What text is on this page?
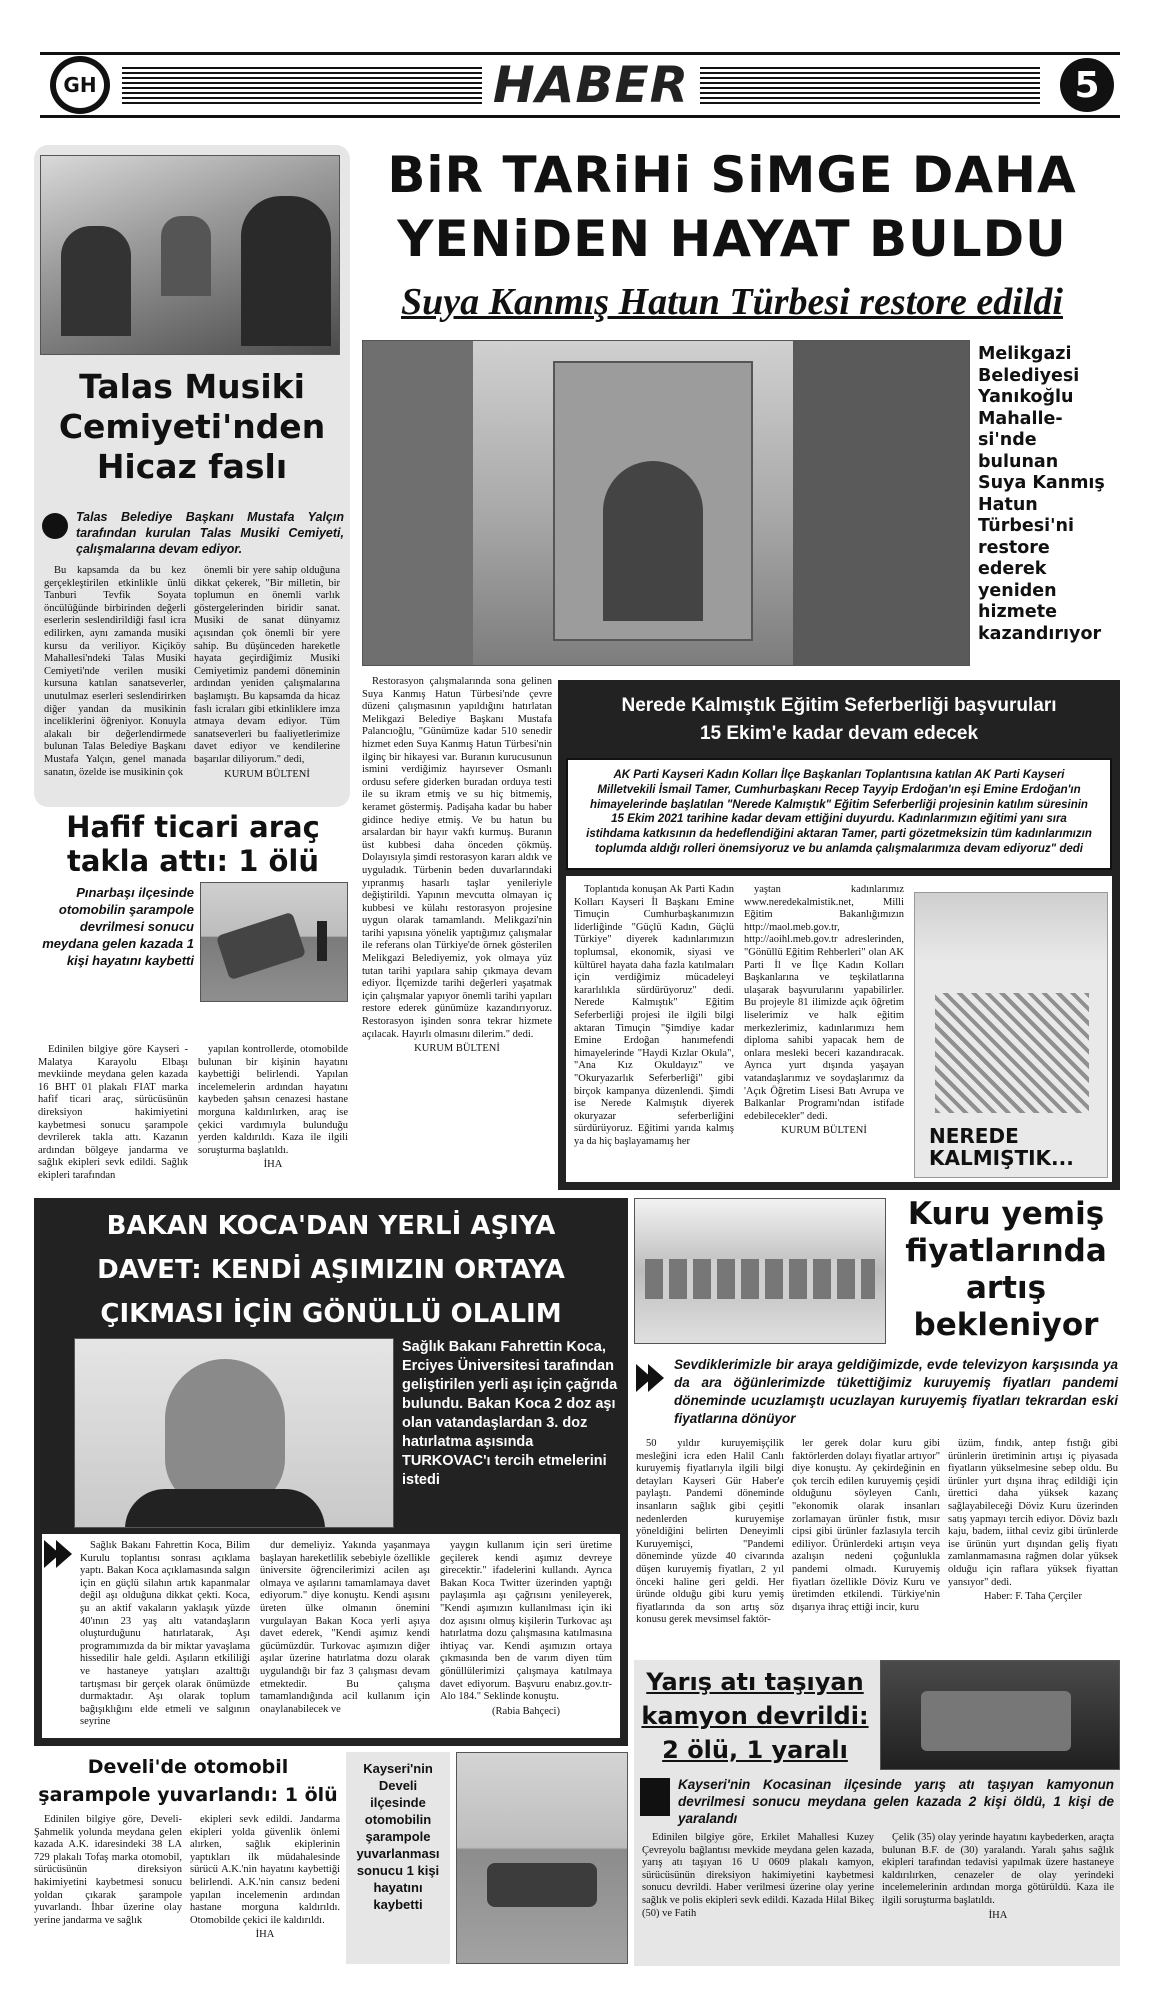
GH	HABER	5
Talas Musiki Cemiyeti'nden Hicaz faslı
Talas Belediye Başkanı Mustafa Yalçın tarafından kurulan Talas Musiki Cemiyeti, çalışmalarına devam ediyor.

Bu kapsamda da bu kez gerçekleştirilen etkinlikle ünlü Tanburi Tevfik Soyata öncülüğünde birbirinden değerli eserlerin seslendirildiği fasıl icra edilirken, aynı zamanda musiki kursu da veriliyor. Kiçiköy Mahallesi'ndeki Talas Musiki Cemiyeti'nde verilen musiki kursuna katılan sanatseverler, unutulmaz eserleri seslendirirken diğer yandan da musikinin inceliklerini öğreniyor. Konuyla alakalı bir değerlendirmede bulunan Talas Belediye Başkanı Mustafa Yalçın, genel manada sanatın, özelde ise musikinin çok

önemli bir yere sahip olduğuna dikkat çekerek, "Bir milletin, bir toplumun en önemli varlık göstergelerinden biridir sanat. Musiki de sanat dünyamız açısından çok önemli bir yere sahip. Bu düşünceden hareketle hayata geçirdiğimiz Musiki Cemiyetimiz pandemi döneminin ardından yeniden çalışmalarına başlamıştı. Bu kapsamda da hicaz faslı icraları gibi etkinliklere imza atmaya devam ediyor. Tüm sanatseverleri bu faaliyetlerimize davet ediyor ve kendilerine başarılar diliyorum." dedi,

KURUM BÜLTENİ
Hafif ticari araç takla attı: 1 ölü
Pınarbaşı ilçesinde otomobilin şarampole devrilmesi sonucu meydana gelen kazada 1 kişi hayatını kaybetti

Edinilen bilgiye göre Kayseri - Malatya Karayolu Elbaşı mevkiinde meydana gelen kazada 16 BHT 01 plakalı FIAT marka hafif ticari araç, sürücüsünün direksiyon hakimiyetini kaybetmesi sonucu şarampole devrilerek takla attı. Kazanın ardından bölgeye jandarma ve sağlık ekipleri sevk edildi. Sağlık ekipleri tarafından

yapılan kontrollerde, otomobilde bulunan bir kişinin hayatını kaybettiği belirlendi. Yapılan incelemelerin ardından hayatını kaybeden şahsın cenazesi hastane morguna kaldırılırken, araç ise çekici vardımıyla bulunduğu yerden kaldırıldı. Kaza ile ilgili soruşturma başlatıldı.

İHA
BiR TARiHi SiMGE DAHA
YENiDEN HAYAT BULDU
Suya Kanmış Hatun Türbesi restore edildi
Melikgazi Belediyesi Yanıkoğlu Mahalle-si'nde bulunan Suya Kanmış Hatun Türbesi'ni restore ederek yeniden hizmete kazandırıyor

Restorasyon çalışmalarında sona gelinen Suya Kanmış Hatun Türbesi'nde çevre düzeni çalışmasının yapıldığını hatırlatan Melikgazi Belediye Başkanı Mustafa Palancıoğlu, "Günümüze kadar 510 senedir hizmet eden Suya Kanmış Hatun Türbesi'nin ilginç bir hikayesi var. Buranın kurucusunun ismini verdiğimiz hayırsever Osmanlı ordusu sefere giderken buradan orduya testi ile su ikram etmiş ve su hiç bitmemiş, keramet göstermiş. Padişaha kadar bu haber gidince hediye etmiş. Ve bu hatun bu arsalardan bir hayır vakfı kurmuş. Buranın üst kubbesi daha önceden çökmüş. Dolayısıyla şimdi restorasyon kararı aldık ve uyguladık. Türbenin beden duvarlarındaki yıpranmış hasarlı taşlar yenileriyle değiştirildi. Yapının mevcutta olmayan iç kubbesi ve külahı restorasyon projesine uygun olarak tamamlandı. Melikgazi'nin tarihi yapısına yönelik yaptığımız çalışmalar ile referans olan Türkiye'de örnek gösterilen Melikgazi Belediyemiz, yok olmaya yüz tutan tarihi yapılara sahip çıkmaya devam ediyor. İlçemizde tarihi değerleri yaşatmak için çalışmalar yapıyor önemli tarihi yapıları restore ederek günümüze kazandırıyoruz. Restorasyon işinden sonra tekrar hizmete açılacak. Hayırlı olmasını dilerim." dedi.

KURUM BÜLTENİ
Nerede Kalmıştık Eğitim Seferberliği başvuruları
15 Ekim'e kadar devam edecek
AK Parti Kayseri Kadın Kolları İlçe Başkanları Toplantısına katılan AK Parti Kayseri Milletvekili İsmail Tamer, Cumhurbaşkanı Recep Tayyip Erdoğan'ın eşi Emine Erdoğan'ın himayelerinde başlatılan "Nerede Kalmıştık" Eğitim Seferberliği projesinin katılım süresinin 15 Ekim 2021 tarihine kadar devam ettiğini duyurdu. Kadınlarımızın eğitimi yanı sıra istihdama katkısının da hedeflendiğini aktaran Tamer, parti gözetmeksizin tüm kadınlarımızın toplumda aldığı rolleri önemsiyoruz ve bu anlamda çalışmalarımıza devam ediyoruz" dedi

Toplantıda konuşan Ak Parti Kadın Kolları Kayseri İl Başkanı Emine Timuçin Cumhurbaşkanımızın liderliğinde "Güçlü Kadın, Güçlü Türkiye" diyerek kadınlarımızın toplumsal, ekonomik, siyasi ve kültürel hayata daha fazla katılmaları için verdiğimiz mücadeleyi kararlılıkla sürdürüyoruz" dedi. Nerede Kalmıştık" Eğitim Seferberliği projesi ile ilgili bilgi aktaran Timuçin "Şimdiye kadar Emine Erdoğan hanımefendi himayelerinde "Haydi Kızlar Okula", "Ana Kız Okuldayız" ve "Okuryazarlık Seferberliği" gibi birçok kampanya düzenlendi. Şimdi ise Nerede Kalmıştık diyerek okuryazar seferberliğini sürdürüyoruz. Eğitimi yarıda kalmış ya da hiç başlayamamış her

yaştan kadınlarımız www.neredekalmistik.net, Milli Eğitim Bakanlığımızın http://maol.meb.gov.tr, http://aoihl.meb.gov.tr adreslerinden, "Gönüllü Eğitim Rehberleri" olan AK Parti İl ve İlçe Kadın Kolları Başkanlarına ve teşkilatlarına ulaşarak başvurularını yapabilirler. Bu projeyle 81 ilimizde açık öğretim liselerimiz ve halk eğitim merkezlerimiz, kadınlarımızı hem diploma sahibi yapacak hem de onlara mesleki beceri kazandıracak. Ayrıca yurt dışında yaşayan vatandaşlarımız ve soydaşlarımız da 'Açık Öğretim Lisesi Batı Avrupa ve Balkanlar Programı'ndan istifade edebilecekler" dedi.

KURUM BÜLTENİ	NEREDE KALMIŞTIK...
BAKAN KOCA'DAN YERLİ AŞIYA
DAVET: KENDİ AŞIMIZIN ORTAYA
ÇIKMASI İÇİN GÖNÜLLÜ OLALIM
Sağlık Bakanı Fahrettin Koca, Erciyes Üniversitesi tarafından geliştirilen yerli aşı için çağrıda bulundu. Bakan Koca 2 doz aşı olan vatandaşlardan 3. doz hatırlatma aşısında TURKOVAC'ı tercih etmelerini istedi

Sağlık Bakanı Fahrettin Koca, Bilim Kurulu toplantısı sonrası açıklama yaptı. Bakan Koca açıklamasında salgın için en güçlü silahın artık kapanmalar değil aşı olduğuna dikkat çekti. Koca, şu an aktif vakaların yaklaşık yüzde 40'ının 23 yaş altı vatandaşların oluşturduğunu hatırlatarak, Aşı programımızda da bir miktar yavaşlama hissedilir hale geldi. Aşıların etkililiği ve hastaneye yatışları azalttığı tartışması bir gerçek olarak önümüzde durmaktadır. Aşı olarak toplum bağışıklığını elde etmeli ve salgının seyrine

dur demeliyiz. Yakında yaşanmaya başlayan hareketlilik sebebiyle özellikle üniversite öğrencilerimizi acilen aşı olmaya ve aşılarını tamamlamaya davet ediyorum." diye konuştu. Kendi aşısını üreten ülke olmanın önemini vurgulayan Bakan Koca yerli aşıya davet ederek, "Kendi aşımız kendi gücümüzdür. Turkovac aşımızın diğer aşılar üzerine hatırlatma dozu olarak uygulandığı bir faz 3 çalışması devam etmektedir. Bu çalışma tamamlandığında acil kullanım için onaylanabilecek ve

yaygın kullanım için seri üretime geçilerek kendi aşımız devreye girecektir." ifadelerini kullandı. Ayrıca Bakan Koca Twitter üzerinden yaptığı paylaşımla aşı çağrısını yenileyerek, "Kendi aşımızın kullanılması için iki doz aşısını olmuş kişilerin Turkovac aşı hatırlatma dozu çalışmasına katılmasına ihtiyaç var. Kendi aşımızın ortaya çıkmasında ben de varım diyen tüm gönüllülerimizi çalışmaya katılmaya davet ediyorum. Başvuru enabız.gov.tr- Alo 184." Seklinde konuştu.

(Rabia Bahçeci)
Kuru yemiş fiyatlarında artış bekleniyor
Sevdiklerimizle bir araya geldiğimizde, evde televizyon karşısında ya da ara öğünlerimizde tükettiğimiz kuruyemiş fiyatları pandemi döneminde ucuzlamıştı ucuzlayan kuruyemiş fiyatları tekrardan eski fiyatlarına dönüyor

50 yıldır kuruyemişçilik mesleğini icra eden Halil Canlı kuruyemiş fiyatlarıyla ilgili bilgi detayları Kayseri Gür Haber'e paylaştı. Pandemi döneminde insanların sağlık gibi çeşitli nedenlerden kuruyemişe yöneldiğini belirten Deneyimli Kuruyemişci, "Pandemi döneminde yüzde 40 civarında düşen kuruyemiş fiyatları, 2 yıl önceki haline geri geldi. Her üründe olduğu gibi kuru yemiş fiyatlarında da son artış söz konusu gerek mevsimsel faktör-

ler gerek dolar kuru gibi faktörlerden dolayı fiyatlar artıyor" diye konuştu. Ay çekirdeğinin en çok tercih edilen kuruyemiş çeşidi olduğunu söyleyen Canlı, "ekonomik olarak insanları zorlamayan ürünler fıstık, mısır cipsi gibi ürünler fazlasıyla tercih ediliyor. Ürünlerdeki artışın veya azalışın nedeni çoğunlukla pandemi olmadı. Kuruyemiş fiyatları özellikle Döviz Kuru ve üretimden etkilendi. Türkiye'nin dışarıya ihraç ettiği incir, kuru

üzüm, fındık, antep fıstığı gibi ürünlerin üretiminin artışı iç piyasada fiyatların yükselmesine sebep oldu. Bu ürünler yurt dışına ihraç edildiği için ürettici daha yüksek kazanç sağlayabileceği Döviz Kuru üzerinden satış yapmayı tercih ediyor. Döviz bazlı kaju, badem, iithal ceviz gibi ürünlerde ise ürünün yurt dışından geliş fiyatı zamlanmamasına rağmen dolar yüksek olduğu için raflara yüksek fiyattan yansıyor" dedi.

Haber: F. Taha Çerçiler
Yarış atı taşıyan
kamyon devrildi:
2 ölü, 1 yaralı
Kayseri'nin Kocasinan ilçesinde yarış atı taşıyan kamyonun devrilmesi sonucu meydana gelen kazada 2 kişi öldü, 1 kişi de yaralandı

Edinilen bilgiye göre, Erkilet Mahallesi Kuzey Çevreyolu bağlantısı mevkide meydana gelen kazada, yarış atı taşıyan 16 U 0609 plakalı kamyon, sürücüsünün direksiyon hakimiyetini kaybetmesi sonucu devrildi. Haber verilmesi üzerine olay yerine sağlık ve polis ekipleri sevk edildi. Kazada Hilal Bikeç (50) ve Fatih

Çelik (35) olay yerinde hayatını kaybederken, araçta bulunan B.F. de (30) yaralandı. Yaralı şahıs sağlık ekipleri tarafından tedavisi yapılmak üzere hastaneye kaldırılırken, cenazeler de olay yerindeki incelemelerinin ardından morga götürüldü. Kaza ile ilgili soruşturma başlatıldı.

İHA
Develi'de otomobil
şarampole yuvarlandı: 1 ölü

Edinilen bilgiye göre, Develi-Şahmelik yolunda meydana gelen kazada A.K. idaresindeki 38 LA 729 plakalı Tofaş marka otomobil, sürücüsünün direksiyon hakimiyetini kaybetmesi sonucu yoldan çıkarak şarampole yuvarlandı. İhbar üzerine olay yerine jandarma ve sağlık

ekipleri sevk edildi. Jandarma ekipleri yolda güvenlik önlemi alırken, sağlık ekiplerinin yaptıkları ilk müdahalesinde sürücü A.K.'nin hayatını kaybettiği belirlendi. A.K.'nin cansız bedeni yapılan incelemenin ardından hastane morguna kaldırıldı. Otomobilde çekici ile kaldırıldı.

İHA
Kayseri'nin Develi ilçesinde otomobilin şarampole yuvarlanması sonucu 1 kişi hayatını kaybetti
